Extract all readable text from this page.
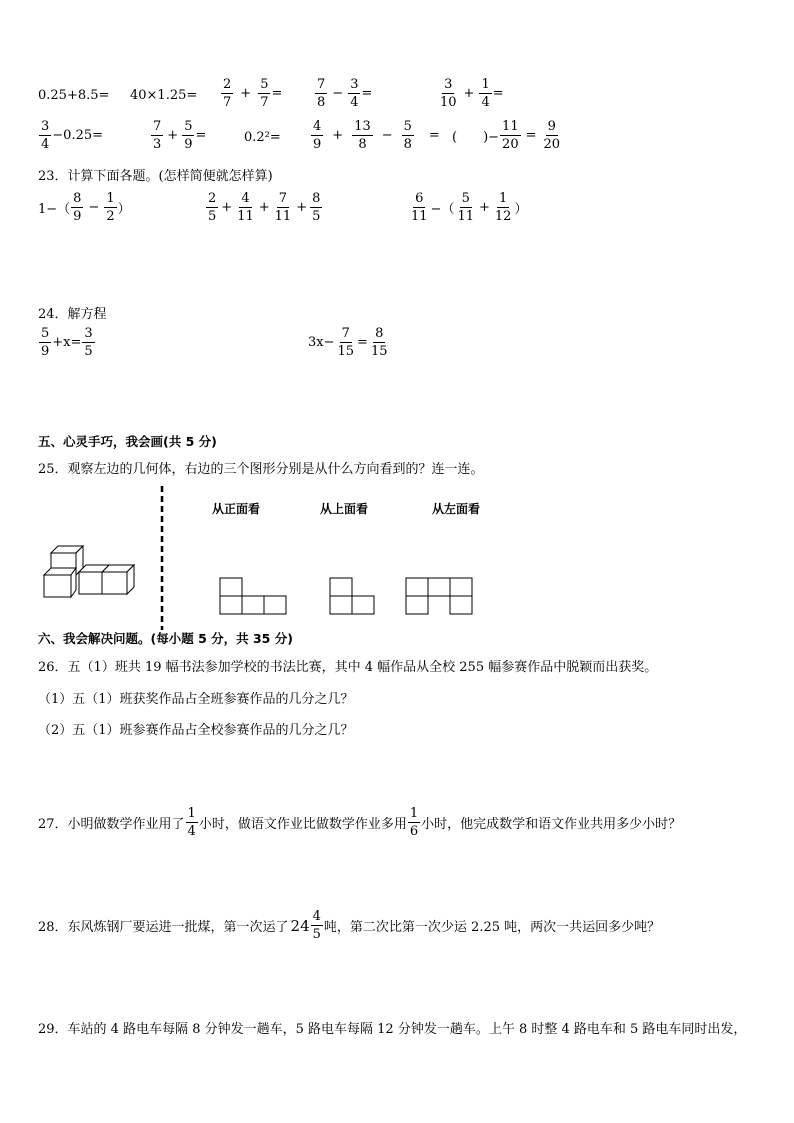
$0.25+8.5= 40\times 1.25= \frac{2}{7} + \frac{5}{7}$ =	$\frac{7}{8} - \frac{3}{4}$ =	$\frac{3}{10} + \frac{1}{4}$ =
$\frac{3}{4} -0.25=$	$\frac{7}{3} + \frac{5}{9}$ =	$0.2^2= \frac{4}{9} + \frac{13}{8} - \frac{5}{8}$ = (　　)− $\frac{11}{20} = \frac{9}{20}$
23．计算下面各题。(怎样简便就怎样算)
$1-( \frac{8}{9} - \frac{1}{2}$ ）	$\frac{2}{5} + \frac{4}{11} + \frac{7}{11} + \frac{8}{5}$	$\frac{6}{11}$ −（ $\frac{5}{11} + \frac{1}{12}$ ）
24．解方程
$\frac{5}{9} +x= \frac{3}{5}$	$3x- \frac{7}{15} = \frac{8}{15}$
五、心灵手巧，我会画(共 5 分)
25．观察左边的几何体，右边的三个图形分别是从什么方向看到的？连一连。
从正面看	从上面看	从左面看
六、我会解决问题。(每小题 5 分，共 35 分)
26．五（1）班共 19 幅书法参加学校的书法比赛，其中 4 幅作品从全校 255 幅参赛作品中脱颖而出获奖。
（1）五（1）班获奖作品占全班参赛作品的几分之几？
（2）五（1）班参赛作品占全校参赛作品的几分之几？
27．小明做数学作业用了 $\frac{1}{4}$ 小时，做语文作业比做数学作业多用 $\frac{1}{6}$ 小时，他完成数学和语文作业共用多少小时？
28．东风炼钢厂要运进一批煤，第一次运了 $24 \frac{4}{5}$ 吨，第二次比第一次少运 2.25 吨，两次一共运回多少吨？
29．车站的 4 路电车每隔 8 分钟发一趟车，5 路电车每隔 12 分钟发一趟车。上午 8 时整 4 路电车和 5 路电车同时出发，
